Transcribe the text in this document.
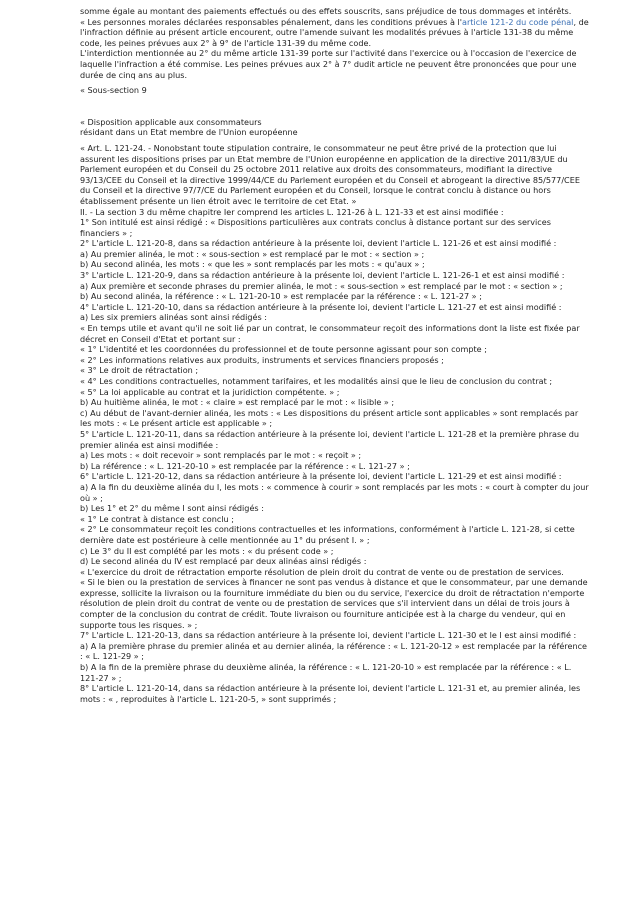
somme égale au montant des paiements effectués ou des effets souscrits, sans préjudice de tous dommages et intérêts.

« Les personnes morales déclarées responsables pénalement, dans les conditions prévues à l'article 121-2 du code pénal, de l'infraction définie au présent article encourent, outre l'amende suivant les modalités prévues à l'article 131-38 du même code, les peines prévues aux 2° à 9° de l'article 131-39 du même code.

L'interdiction mentionnée au 2° du même article 131-39 porte sur l'activité dans l'exercice ou à l'occasion de l'exercice de laquelle l'infraction a été commise. Les peines prévues aux 2° à 7° dudit article ne peuvent être prononcées que pour une durée de cinq ans au plus.

« Sous-section 9

« Disposition applicable aux consommateurs

résidant dans un Etat membre de l'Union européenne

« Art. L. 121-24. - Nonobstant toute stipulation contraire, le consommateur ne peut être privé de la protection que lui assurent les dispositions prises par un Etat membre de l'Union européenne en application de la directive 2011/83/UE du Parlement européen et du Conseil du 25 octobre 2011 relative aux droits des consommateurs, modifiant la directive 93/13/CEE du Conseil et la directive 1999/44/CE du Parlement européen et du Conseil et abrogeant la directive 85/577/CEE du Conseil et la directive 97/7/CE du Parlement européen et du Conseil, lorsque le contrat conclu à distance ou hors établissement présente un lien étroit avec le territoire de cet Etat. »

II. - La section 3 du même chapitre Ier comprend les articles L. 121-26 à L. 121-33 et est ainsi modifiée :

1° Son intitulé est ainsi rédigé : « Dispositions particulières aux contrats conclus à distance portant sur des services financiers » ;

2° L'article L. 121-20-8, dans sa rédaction antérieure à la présente loi, devient l'article L. 121-26 et est ainsi modifié :

a) Au premier alinéa, le mot : « sous-section » est remplacé par le mot : « section » ;

b) Au second alinéa, les mots : « que les » sont remplacés par les mots : « qu'aux » ;

3° L'article L. 121-20-9, dans sa rédaction antérieure à la présente loi, devient l'article L. 121-26-1 et est ainsi modifié :

a) Aux première et seconde phrases du premier alinéa, le mot : « sous-section » est remplacé par le mot : « section » ;

b) Au second alinéa, la référence : « L. 121-20-10 » est remplacée par la référence : « L. 121-27 » ;

4° L'article L. 121-20-10, dans sa rédaction antérieure à la présente loi, devient l'article L. 121-27 et est ainsi modifié :

a) Les six premiers alinéas sont ainsi rédigés :

« En temps utile et avant qu'il ne soit lié par un contrat, le consommateur reçoit des informations dont la liste est fixée par décret en Conseil d'Etat et portant sur :

« 1° L'identité et les coordonnées du professionnel et de toute personne agissant pour son compte ;

« 2° Les informations relatives aux produits, instruments et services financiers proposés ;

« 3° Le droit de rétractation ;

« 4° Les conditions contractuelles, notamment tarifaires, et les modalités ainsi que le lieu de conclusion du contrat ;

« 5° La loi applicable au contrat et la juridiction compétente. » ;

b) Au huitième alinéa, le mot : « claire » est remplacé par le mot : « lisible » ;

c) Au début de l'avant-dernier alinéa, les mots : « Les dispositions du présent article sont applicables » sont remplacés par les mots : « Le présent article est applicable » ;

5° L'article L. 121-20-11, dans sa rédaction antérieure à la présente loi, devient l'article L. 121-28 et la première phrase du premier alinéa est ainsi modifiée :

a) Les mots : « doit recevoir » sont remplacés par le mot : « reçoit » ;

b) La référence : « L. 121-20-10 » est remplacée par la référence : « L. 121-27 » ;

6° L'article L. 121-20-12, dans sa rédaction antérieure à la présente loi, devient l'article L. 121-29 et est ainsi modifié :

a) A la fin du deuxième alinéa du I, les mots : « commence à courir » sont remplacés par les mots : « court à compter du jour où » ;

b) Les 1° et 2° du même I sont ainsi rédigés :

« 1° Le contrat à distance est conclu ;

« 2° Le consommateur reçoit les conditions contractuelles et les informations, conformément à l'article L. 121-28, si cette dernière date est postérieure à celle mentionnée au 1° du présent I. » ;

c) Le 3° du II est complété par les mots : « du présent code » ;

d) Le second alinéa du IV est remplacé par deux alinéas ainsi rédigés :

« L'exercice du droit de rétractation emporte résolution de plein droit du contrat de vente ou de prestation de services.

« Si le bien ou la prestation de services à financer ne sont pas vendus à distance et que le consommateur, par une demande expresse, sollicite la livraison ou la fourniture immédiate du bien ou du service, l'exercice du droit de rétractation n'emporte résolution de plein droit du contrat de vente ou de prestation de services que s'il intervient dans un délai de trois jours à compter de la conclusion du contrat de crédit. Toute livraison ou fourniture anticipée est à la charge du vendeur, qui en supporte tous les risques. » ;

7° L'article L. 121-20-13, dans sa rédaction antérieure à la présente loi, devient l'article L. 121-30 et le I est ainsi modifié :

a) A la première phrase du premier alinéa et au dernier alinéa, la référence : « L. 121-20-12 » est remplacée par la référence : « L. 121-29 » ;

b) A la fin de la première phrase du deuxième alinéa, la référence : « L. 121-20-10 » est remplacée par la référence : « L. 121-27 » ;

8° L'article L. 121-20-14, dans sa rédaction antérieure à la présente loi, devient l'article L. 121-31 et, au premier alinéa, les mots : « , reproduites à l'article L. 121-20-5, » sont supprimés ;
